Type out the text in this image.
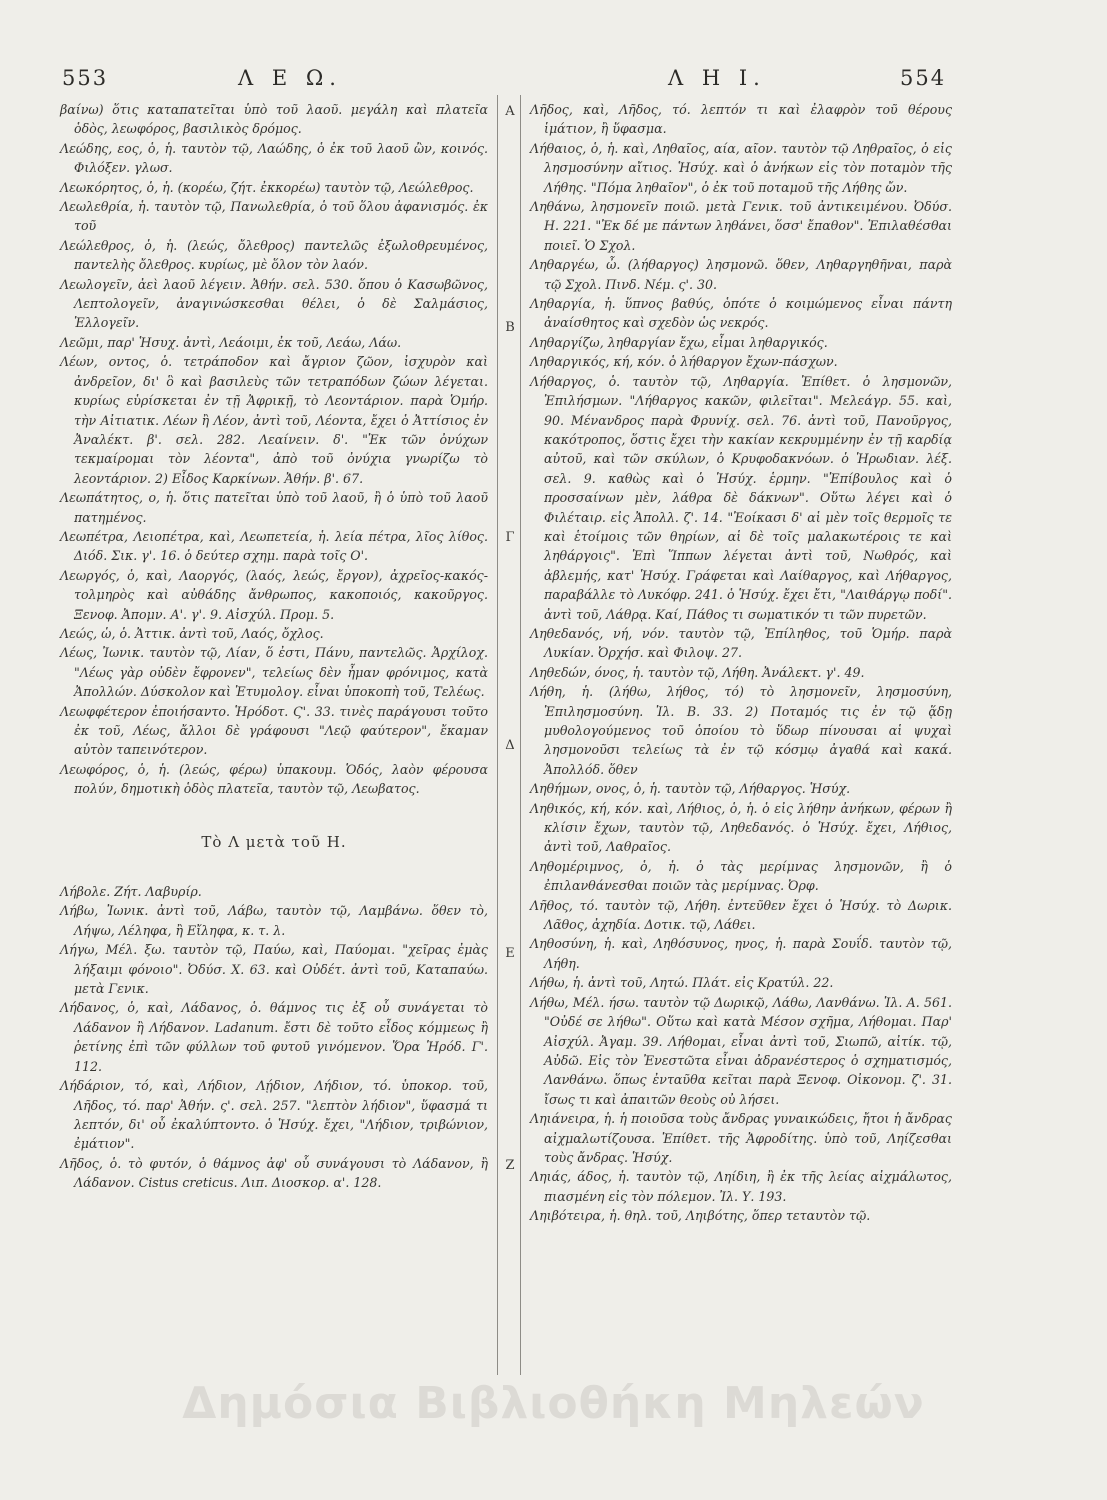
553	Λ Ε Ω.	Λ Η Ι.	554
Α
Β
Γ
Δ
Ε
Ζ

βαίνω) ὅτις καταπατεῖται ὑπὸ τοῦ λαοῦ. μεγάλη καὶ πλατεῖα ὁδὸς, λεωφόρος, βασιλικὸς δρόμος.

Λεώδης, εος, ὁ, ἡ. ταυτὸν τῷ, Λαώδης, ὁ ἐκ τοῦ λαοῦ ὢν, κοινός. Φιλόξεν. γλωσ.

Λεωκόρητος, ὁ, ἡ. (κορέω, ζήτ. ἐκκορέω) ταυτὸν τῷ, Λεώλεθρος.

Λεωλεθρία, ἡ. ταυτὸν τῷ, Πανωλεθρία, ὁ τοῦ ὅλου ἀφανισμός. ἐκ τοῦ

Λεώλεθρος, ὁ, ἡ. (λεώς, ὄλεθρος) παντελῶς ἐξωλοθρευμένος, παντελὴς ὄλεθρος. κυρίως, μὲ ὅλον τὸν λαόν.

Λεωλογεῖν, ἀεὶ λαοῦ λέγειν. Ἀθήν. σελ. 530. ὅπου ὁ Κασωβῶνος, Λεπτολογεῖν, ἀναγινώσκεσθαι θέλει, ὁ δὲ Σαλμάσιος, Ἐλλογεῖν.

Λεῶμι, παρ' Ἡσυχ. ἀντὶ, Λεάοιμι, ἐκ τοῦ, Λεάω, Λάω.

Λέων, οντος, ὁ. τετράποδον καὶ ἄγριον ζῶον, ἰσχυρὸν καὶ ἀνδρεῖον, δι' ὃ καὶ βασιλεὺς τῶν τετραπόδων ζώων λέγεται. κυρίως εὑρίσκεται ἐν τῇ Ἀφρικῇ, τὸ Λεοντάριον. παρὰ Ὁμήρ. τὴν Αἰτιατικ. Λέων ἢ Λέον, ἀντὶ τοῦ, Λέοντα, ἔχει ὁ Ἀττίσιος ἐν Ἀναλέκτ. β'. σελ. 282. Λεαίνειν. δ'. "Ἐκ τῶν ὀνύχων τεκμαίρομαι τὸν λέοντα", ἀπὸ τοῦ ὀνύχια γνωρίζω τὸ λεοντάριον. 2) Εἶδος Καρκίνων. Ἀθήν. β'. 67.

Λεωπάτητος, ο, ἡ. ὅτις πατεῖται ὑπὸ τοῦ λαοῦ, ἢ ὁ ὑπὸ τοῦ λαοῦ πατημένος.

Λεωπέτρα, Λειοπέτρα, καὶ, Λεωπετεία, ἡ. λεία πέτρα, λῖος λίθος. Διόδ. Σικ. γ'. 16. ὁ δεύτερ σχημ. παρὰ τοῖς Ο'.

Λεωργός, ὁ, καὶ, Λαοργός, (λαός, λεώς, ἔργον), ἀχρεῖος-κακός-τολμηρὸς καὶ αὐθάδης ἄνθρωπος, κακοποιός, κακοῦργος. Ξενοφ. Ἀπομν. Α'. γ'. 9. Αἰσχύλ. Προμ. 5.

Λεώς, ὡ, ὁ. Ἀττικ. ἀντὶ τοῦ, Λαός, ὄχλος.

Λέως, Ἰωνικ. ταυτὸν τῷ, Λίαν, ὅ ἐστι, Πάνυ, παντελῶς. Ἀρχίλοχ. "Λέως γὰρ οὐδὲν ἔφρονεν", τελείως δὲν ἦμαν φρόνιμος, κατὰ Ἀπολλών. Δύσκολον καὶ Ἐτυμολογ. εἶναι ὑποκοπὴ τοῦ, Τελέως.

Λεωφφέτερον ἐποιήσαντο. Ἡρόδοτ. Ϛ'. 33. τινὲς παράγουσι τοῦτο ἐκ τοῦ, Λέως, ἄλλοι δὲ γράφουσι "Λεῷ φαύτερον", ἔκαμαν αὐτὸν ταπεινότερον.

Λεωφόρος, ὁ, ἡ. (λεώς, φέρω) ὑπακουμ. Ὁδός, λαὸν φέρουσα πολύν, δημοτικὴ ὁδὸς πλατεῖα, ταυτὸν τῷ, Λεωβατος.

Τὸ Λ μετὰ τοῦ Η.

Λήβολε. Ζήτ. Λαβυρίρ.

Λήβω, Ἰωνικ. ἀντὶ τοῦ, Λάβω, ταυτὸν τῷ, Λαμβάνω. ὅθεν τὸ, Λήψω, Λέληφα, ἢ Εἴληφα, κ. τ. λ.

Λήγω, Μέλ. ξω. ταυτὸν τῷ, Παύω, καὶ, Παύομαι. "χεῖρας ἐμὰς λήξαιμι φόνοιο". Ὀδύσ. Χ. 63. καὶ Οὐδέτ. ἀντὶ τοῦ, Καταπαύω. μετὰ Γενικ.

Λήδανος, ὁ, καὶ, Λάδανος, ὁ. θάμνος τις ἐξ οὗ συνάγεται τὸ Λάδανον ἢ Λήδανον. Ladanum. ἔστι δὲ τοῦτο εἶδος κόμμεως ἢ ῥετίνης ἐπὶ τῶν φύλλων τοῦ φυτοῦ γινόμενον. Ὅρα Ἡρόδ. Γ'. 112.

Λήδάριον, τό, καὶ, Λήδιον, Λῄδιον, Λήδιον, τό. ὑποκορ. τοῦ, Λῆδος, τό. παρ' Ἀθήν. ς'. σελ. 257. "λεπτὸν λήδιον", ὕφασμά τι λεπτόν, δι' οὗ ἐκαλύπτοντο. ὁ Ἡσύχ. ἔχει, "Λήδιον, τριβώνιον, ἐμάτιον".

Λῆδος, ὁ. τὸ φυτόν, ὁ θάμνος ἀφ' οὗ συνάγουσι τὸ Λάδανον, ἢ Λάδανον. Cistus creticus. Λιπ. Διοσκορ. α'. 128.

Λῆδος, καὶ, Λῆδος, τό. λεπτόν τι καὶ ἐλαφρὸν τοῦ θέρους ἱμάτιον, ἢ ὕφασμα.

Λήθαιος, ὁ, ἡ. καὶ, Ληθαῖος, αία, αῖον. ταυτὸν τῷ Ληθραῖος, ὁ εἰς λησμοσύνην αἴτιος. Ἡσύχ. καὶ ὁ ἀνήκων εἰς τὸν ποταμὸν τῆς Λήθης. "Πόμα ληθαῖον", ὁ ἐκ τοῦ ποταμοῦ τῆς Λήθης ὤν.

Ληθάνω, λησμονεῖν ποιῶ. μετὰ Γενικ. τοῦ ἀντικειμένου. Ὀδύσ. Η. 221. "Ἐκ δέ με πάντων ληθάνει, ὅσσ' ἔπαθον". Ἐπιλαθέσθαι ποιεῖ. Ὁ Σχολ.

Ληθαργέω, ὦ. (λήθαργος) λησμονῶ. ὅθεν, Ληθαργηθῆναι, παρὰ τῷ Σχολ. Πινδ. Νέμ. ς'. 30.

Ληθαργία, ἡ. ὕπνος βαθύς, ὁπότε ὁ κοιμώμενος εἶναι πάντη ἀναίσθητος καὶ σχεδὸν ὡς νεκρός.

Ληθαργίζω, ληθαργίαν ἔχω, εἶμαι ληθαργικός.

Ληθαργικός, κή, κόν. ὁ λήθαργον ἔχων-πάσχων.

Λήθαργος, ὁ. ταυτὸν τῷ, Ληθαργία. Ἐπίθετ. ὁ λησμονῶν, Ἐπιλήσμων. "Λήθαργος κακῶν, φιλεῖται". Μελεάγρ. 55. καὶ, 90. Μένανδρος παρὰ Φρυνίχ. σελ. 76. ἀντὶ τοῦ, Πανοῦργος, κακότροπος, ὅστις ἔχει τὴν κακίαν κεκρυμμένην ἐν τῇ καρδίᾳ αὐτοῦ, καὶ τῶν σκύλων, ὁ Κρυφοδακνόων. ὁ Ἡρωδιαν. λέξ. σελ. 9. καθὼς καὶ ὁ Ἡσύχ. ἑρμην. "Ἐπίβουλος καὶ ὁ προσσαίνων μὲν, λάθρα δὲ δάκνων". Οὕτω λέγει καὶ ὁ Φιλέταιρ. εἰς Ἀπολλ. ζ'. 14. "Ἐοίκασι δ' αἱ μὲν τοῖς θερμοῖς τε καὶ ἑτοίμοις τῶν θηρίων, αἱ δὲ τοῖς μαλακωτέροις τε καὶ ληθάργοις". Ἐπὶ Ἵππων λέγεται ἀντὶ τοῦ, Νωθρός, καὶ ἀβλεμής, κατ' Ἡσύχ. Γράφεται καὶ Λαίθαργος, καὶ Λήθαργος, παραβάλλε τὸ Λυκόφρ. 241. ὁ Ἡσύχ. ἔχει ἔτι, "Λαιθάργῳ ποδί". ἀντὶ τοῦ, Λάθρᾳ. Καί, Πάθος τι σωματικόν τι τῶν πυρετῶν.

Ληθεδανός, νή, νόν. ταυτὸν τῷ, Ἐπίληθος, τοῦ Ὁμήρ. παρὰ Λυκίαν. Ὀρχήσ. καὶ Φιλοψ. 27.

Ληθεδών, όνος, ἡ. ταυτὸν τῷ, Λήθη. Ἀνάλεκτ. γ'. 49.

Λήθη, ἡ. (λήθω, λήθος, τό) τὸ λησμονεῖν, λησμοσύνη, Ἐπιλησμοσύνη. Ἰλ. Β. 33. 2) Ποταμός τις ἐν τῷ ᾅδῃ μυθολογούμενος τοῦ ὁποίου τὸ ὕδωρ πίνουσαι αἱ ψυχαὶ λησμονοῦσι τελείως τὰ ἐν τῷ κόσμῳ ἀγαθά καὶ κακά. Ἀπολλόδ. ὅθεν

Ληθήμων, ονος, ὁ, ἡ. ταυτὸν τῷ, Λήθαργος. Ἡσύχ.

Ληθικός, κή, κόν. καὶ, Λήθιος, ὁ, ἡ. ὁ εἰς λήθην ἀνήκων, φέρων ἢ κλίσιν ἔχων, ταυτὸν τῷ, Ληθεδανός. ὁ Ἡσύχ. ἔχει, Λήθιος, ἀντὶ τοῦ, Λαθραῖος.

Ληθομέριμνος, ὁ, ἡ. ὁ τὰς μερίμνας λησμονῶν, ἢ ὁ ἐπιλανθάνεσθαι ποιῶν τὰς μερίμνας. Ὀρφ.

Λῆθος, τό. ταυτὸν τῷ, Λήθη. ἐντεῦθεν ἔχει ὁ Ἡσύχ. τὸ Δωρικ. Λᾶθος, ἀχηδία. Δοτικ. τῷ, Λάθει.

Ληθοσύνη, ἡ. καὶ, Ληθόσυνος, ηνος, ἡ. παρὰ Σουΐδ. ταυτὸν τῷ, Λήθη.

Λήθω, ἡ. ἀντὶ τοῦ, Λητώ. Πλάτ. εἰς Κρατύλ. 22.

Λήθω, Μέλ. ήσω. ταυτὸν τῷ Δωρικῷ, Λάθω, Λανθάνω. Ἰλ. Α. 561. "Οὐδέ σε λήθω". Οὕτω καὶ κατὰ Μέσον σχῆμα, Λήθομαι. Παρ' Αἰσχύλ. Ἀγαμ. 39. Λήθομαι, εἶναι ἀντὶ τοῦ, Σιωπῶ, αἰτίκ. τῷ, Αὐδῶ. Εἰς τὸν Ἐνεστῶτα εἶναι ἀδρανέστερος ὁ σχηματισμός, Λανθάνω. ὅπως ἐνταῦθα κεῖται παρὰ Ξενοφ. Οἰκονομ. ζ'. 31. ἴσως τι καὶ ἀπαιτῶν θεοὺς οὐ λήσει.

Ληιάνειρα, ἡ. ἡ ποιοῦσα τοὺς ἄνδρας γυναικώδεις, ἤτοι ἡ ἄνδρας αἰχμαλωτίζουσα. Ἐπίθετ. τῆς Ἀφροδίτης. ὑπὸ τοῦ, Ληίζεσθαι τοὺς ἄνδρας. Ἡσύχ.

Ληιάς, άδος, ἡ. ταυτὸν τῷ, Ληίδιη, ἢ ἐκ τῆς λείας αἰχμάλωτος, πιασμένη εἰς τὸν πόλεμον. Ἰλ. Υ. 193.

Ληιβότειρα, ἡ. θηλ. τοῦ, Ληιβότης, ὅπερ τεταυτὸν τῷ.

Δημόσια Βιβλιοθήκη Μηλεών
